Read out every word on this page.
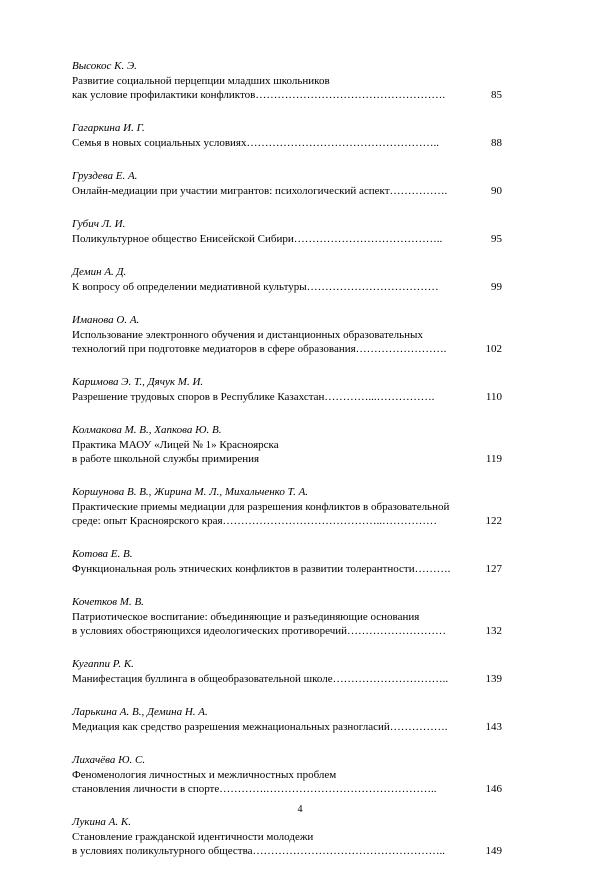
Высокос К. Э.
Развитие социальной перцепции младших школьников
как условие профилактики конфликтов…………………………………………….	85
Гагаркина И. Г.
Семья в новых социальных условиях……………………………………………..	88
Груздева Е. А.
Онлайн-медиации при участии мигрантов: психологический аспект…………….	90
Губич Л. И.
Поликультурное общество Енисейской Сибири…………………………………..	95
Демин А. Д.
К вопросу об определении медиативной культуры………………………………	99
Иманова О. А.
Использование электронного обучения и дистанционных образовательных
технологий при подготовке медиаторов в сфере образования…………………….	102
Каримова Э. Т., Дячук М. И.
Разрешение трудовых споров в Республике Казахстан…………...…………….	110
Колмакова М. В., Хапкова Ю. В.
Практика МАОУ «Лицей № 1» Красноярска
в работе школьной службы примирения	119
Коршунова В. В., Жирина М. Л., Михальченко Т. А.
Практические приемы медиации для разрешения конфликтов в образовательной
среде: опыт Красноярского края……………………………………..……………	122
Котова Е. В.
Функциональная роль этнических конфликтов в развитии толерантности……….	127
Кочетков М. В.
Патриотическое воспитание: объединяющие и разъединяющие основания
в условиях обостряющихся идеологических противоречий………………………	132
Кугаппи Р. К.
Манифестация буллинга в общеобразовательной школе…………………………..	139
Ларькина А. В., Демина Н. А.
Медиация как средство разрешения межнациональных разногласий…………….	143
Лихачёва Ю. С.
Феноменология личностных и межличностных проблем
становления личности в спорте………….………………………………………..	146
Лукина А. К.
Становление гражданской идентичности молодежи
в условиях поликультурного общества……………………………………………..	149
4
